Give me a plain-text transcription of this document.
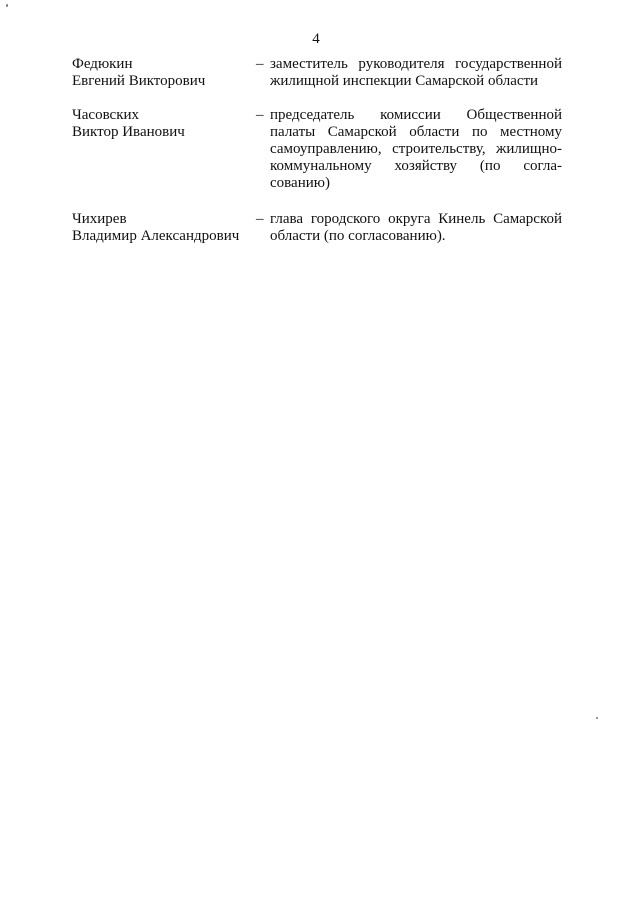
4
Федюкин
Евгений Викторович
– заместитель руководителя государственной
жилищной инспекции Самарской области
Часовских
Виктор Иванович
– председатель комиссии Общественной
палаты Самарской области по местному
самоуправлению, строительству, жилищно-
коммунальному хозяйству (по согла-
сованию)
Чихирев
Владимир Александрович
– глава городского округа Кинель Самарской
области (по согласованию).
